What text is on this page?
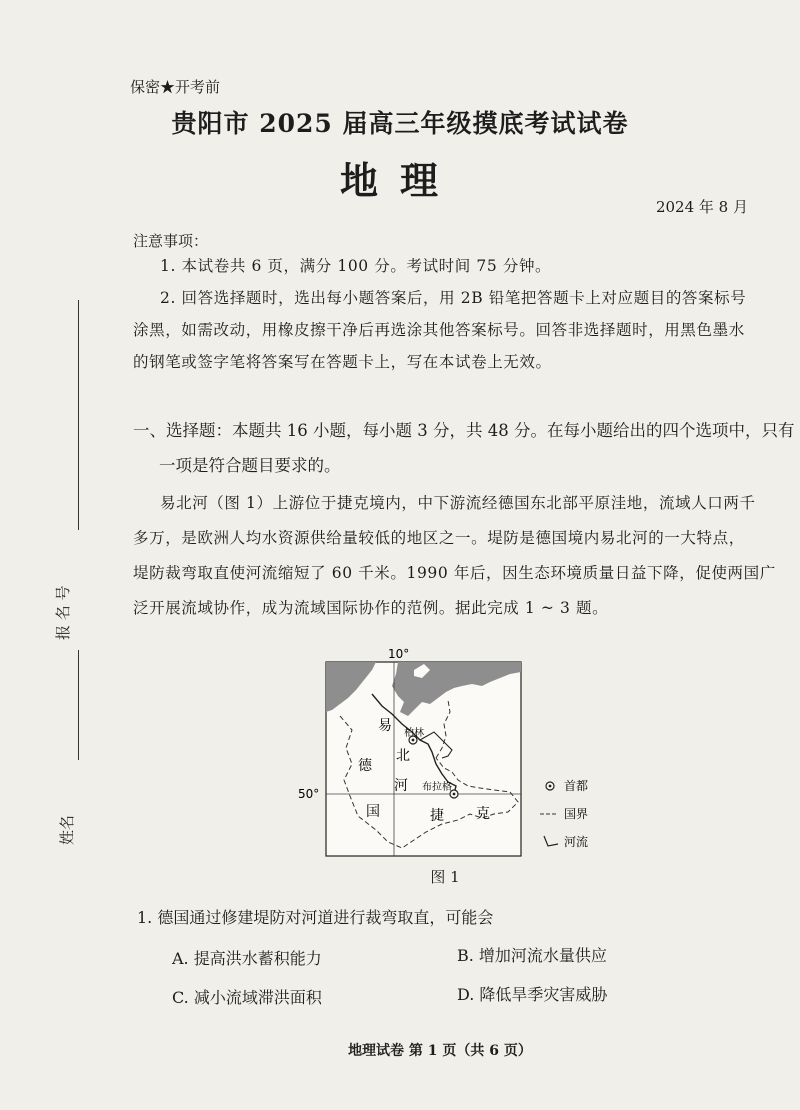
保密★开考前
贵阳市 2025 届高三年级摸底考试试卷
地理
2024 年 8 月
注意事项：
1. 本试卷共 6 页，满分 100 分。考试时间 75 分钟。
2. 回答选择题时，选出每小题答案后，用 2B 铅笔把答题卡上对应题目的答案标号
涂黑，如需改动，用橡皮擦干净后再选涂其他答案标号。回答非选择题时，用黑色墨水
的钢笔或签字笔将答案写在答题卡上，写在本试卷上无效。
报 名 号
姓名
一、选择题：本题共 16 小题，每小题 3 分，共 48 分。在每小题给出的四个选项中，只有
一项是符合题目要求的。
易北河（图 1）上游位于捷克境内，中下游流经德国东北部平原洼地，流域人口两千
多万，是欧洲人均水资源供给量较低的地区之一。堤防是德国境内易北河的一大特点，
堤防裁弯取直使河流缩短了 60 千米。1990 年后，因生态环境质量日益下降，促使两国广
泛开展流域协作，成为流域国际协作的范例。据此完成 1 ~ 3 题。
10°
柏林
布拉格
易
北
河
德
国	捷 克
50°
首都
国界
河流
图 1
1. 德国通过修建堤防对河道进行裁弯取直，可能会
A. 提高洪水蓄积能力	B. 增加河流水量供应
C. 减小流域滞洪面积	D. 降低旱季灾害威胁
地理试卷 第 1 页（共 6 页）
